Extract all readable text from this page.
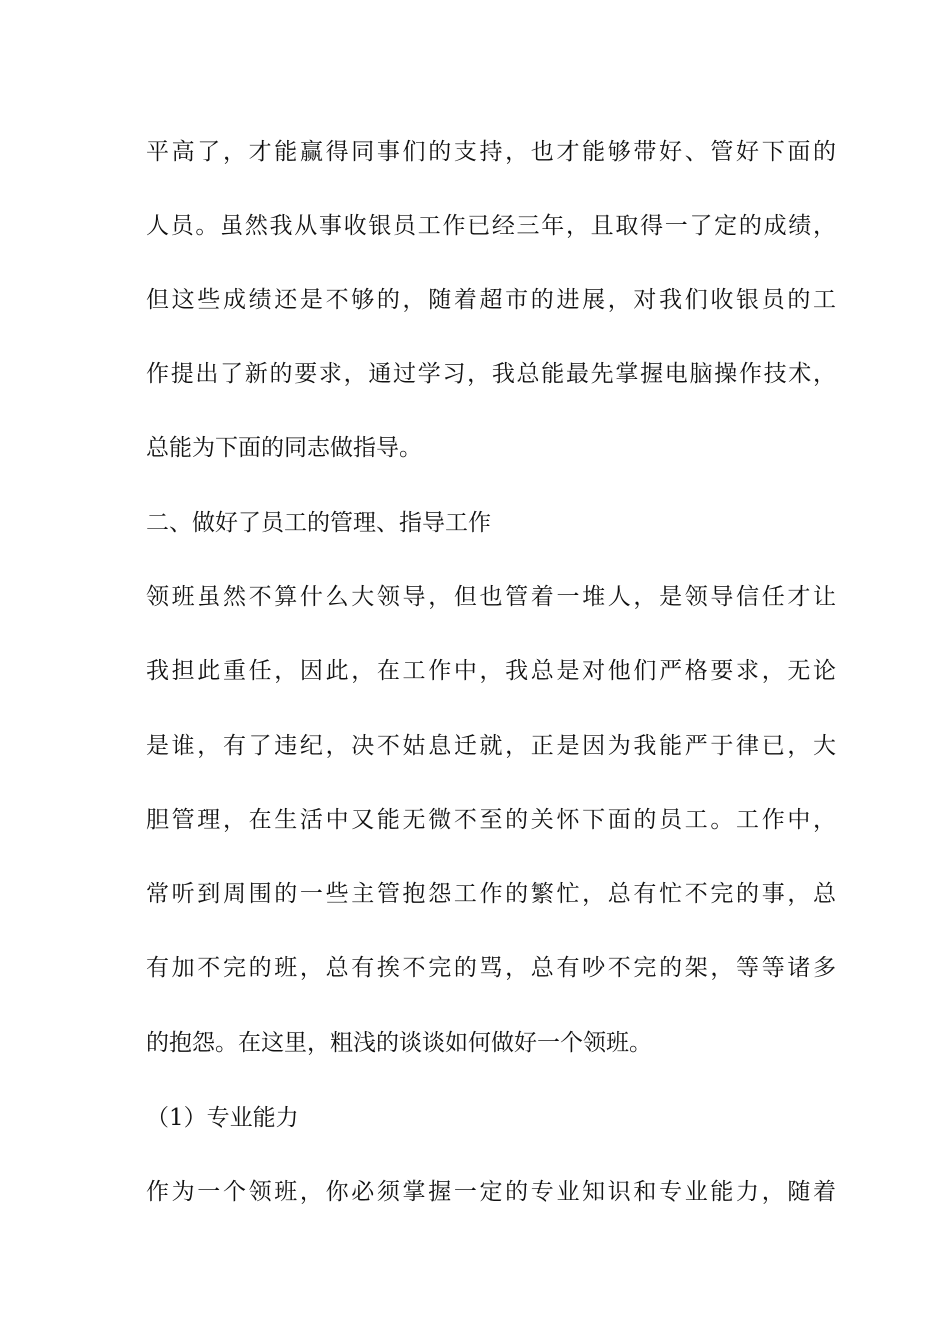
平高了，才能赢得同事们的支持，也才能够带好、管好下面的
人员。虽然我从事收银员工作已经三年，且取得一了定的成绩，
但这些成绩还是不够的，随着超市的进展，对我们收银员的工
作提出了新的要求，通过学习，我总能最先掌握电脑操作技术，
总能为下面的同志做指导。
二、做好了员工的管理、指导工作
领班虽然不算什么大领导，但也管着一堆人，是领导信任才让
我担此重任，因此，在工作中，我总是对他们严格要求，无论
是谁，有了违纪，决不姑息迁就，正是因为我能严于律已，大
胆管理，在生活中又能无微不至的关怀下面的员工。工作中，
常听到周围的一些主管抱怨工作的繁忙，总有忙不完的事，总
有加不完的班，总有挨不完的骂，总有吵不完的架，等等诸多
的抱怨。在这里，粗浅的谈谈如何做好一个领班。
（1）专业能力
作为一个领班，你必须掌握一定的专业知识和专业能力，随着
